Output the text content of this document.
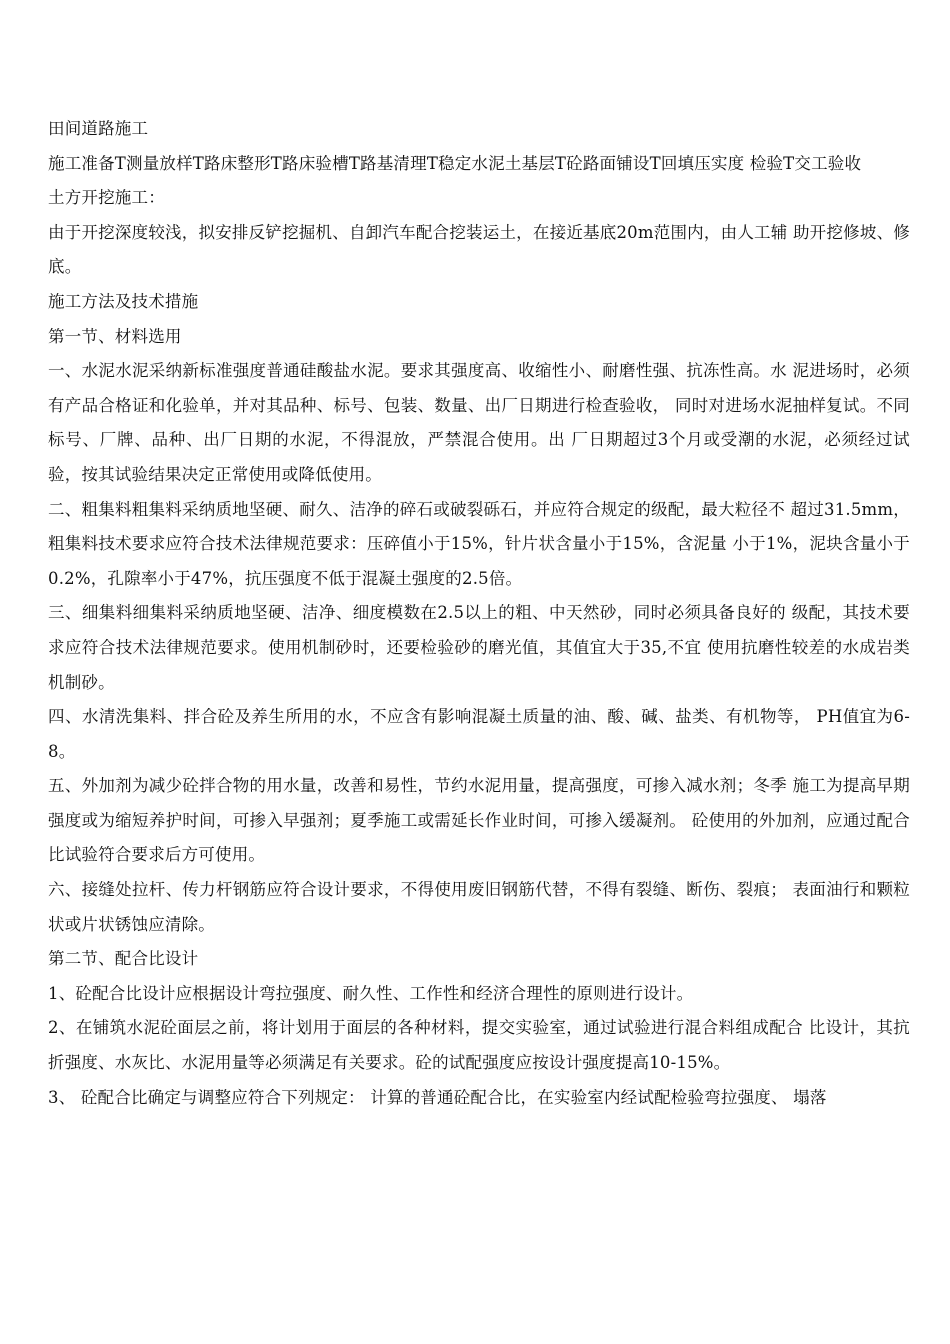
田间道路施工

施工准备T测量放样T路床整形T路床验槽T路基清理T稳定水泥土基层T砼路面铺设T回填压实度 检验T交工验收

土方开挖施工：

由于开挖深度较浅，拟安排反铲挖掘机、自卸汽车配合挖装运土，在接近基底20m范围内，由人工辅 助开挖修坡、修底。

施工方法及技术措施

第一节、材料选用

一、水泥水泥采纳新标准强度普通硅酸盐水泥。要求其强度高、收缩性小、耐磨性强、抗冻性高。水 泥进场时，必须有产品合格证和化验单，并对其品种、标号、包装、数量、出厂日期进行检查验收， 同时对进场水泥抽样复试。不同标号、厂牌、品种、出厂日期的水泥，不得混放，严禁混合使用。出 厂日期超过3个月或受潮的水泥，必须经过试验，按其试验结果决定正常使用或降低使用。

二、粗集料粗集料采纳质地坚硬、耐久、洁净的碎石或破裂砾石，并应符合规定的级配，最大粒径不 超过31.5mm，粗集料技术要求应符合技术法律规范要求：压碎值小于15%，针片状含量小于15%，含泥量 小于1%，泥块含量小于0.2%，孔隙率小于47%，抗压强度不低于混凝土强度的2.5倍。

三、细集料细集料采纳质地坚硬、洁净、细度模数在2.5以上的粗、中天然砂，同时必须具备良好的 级配，其技术要求应符合技术法律规范要求。使用机制砂时，还要检验砂的磨光值，其值宜大于35,不宜 使用抗磨性较差的水成岩类机制砂。

四、水清洗集料、拌合砼及养生所用的水，不应含有影响混凝土质量的油、酸、碱、盐类、有机物等， PH值宜为6-8。

五、外加剂为减少砼拌合物的用水量，改善和易性，节约水泥用量，提高强度，可掺入减水剂；冬季 施工为提高早期强度或为缩短养护时间，可掺入早强剂；夏季施工或需延长作业时间，可掺入缓凝剂。 砼使用的外加剂，应通过配合比试验符合要求后方可使用。

六、接缝处拉杆、传力杆钢筋应符合设计要求，不得使用废旧钢筋代替，不得有裂缝、断伤、裂痕； 表面油行和颗粒状或片状锈蚀应清除。

第二节、配合比设计

1、砼配合比设计应根据设计弯拉强度、耐久性、工作性和经济合理性的原则进行设计。

2、在铺筑水泥砼面层之前，将计划用于面层的各种材料，提交实验室，通过试验进行混合料组成配合 比设计，其抗折强度、水灰比、水泥用量等必须满足有关要求。砼的试配强度应按设计强度提高10-15%。

3、 砼配合比确定与调整应符合下列规定： 计算的普通砼配合比，在实验室内经试配检验弯拉强度、 塌落
